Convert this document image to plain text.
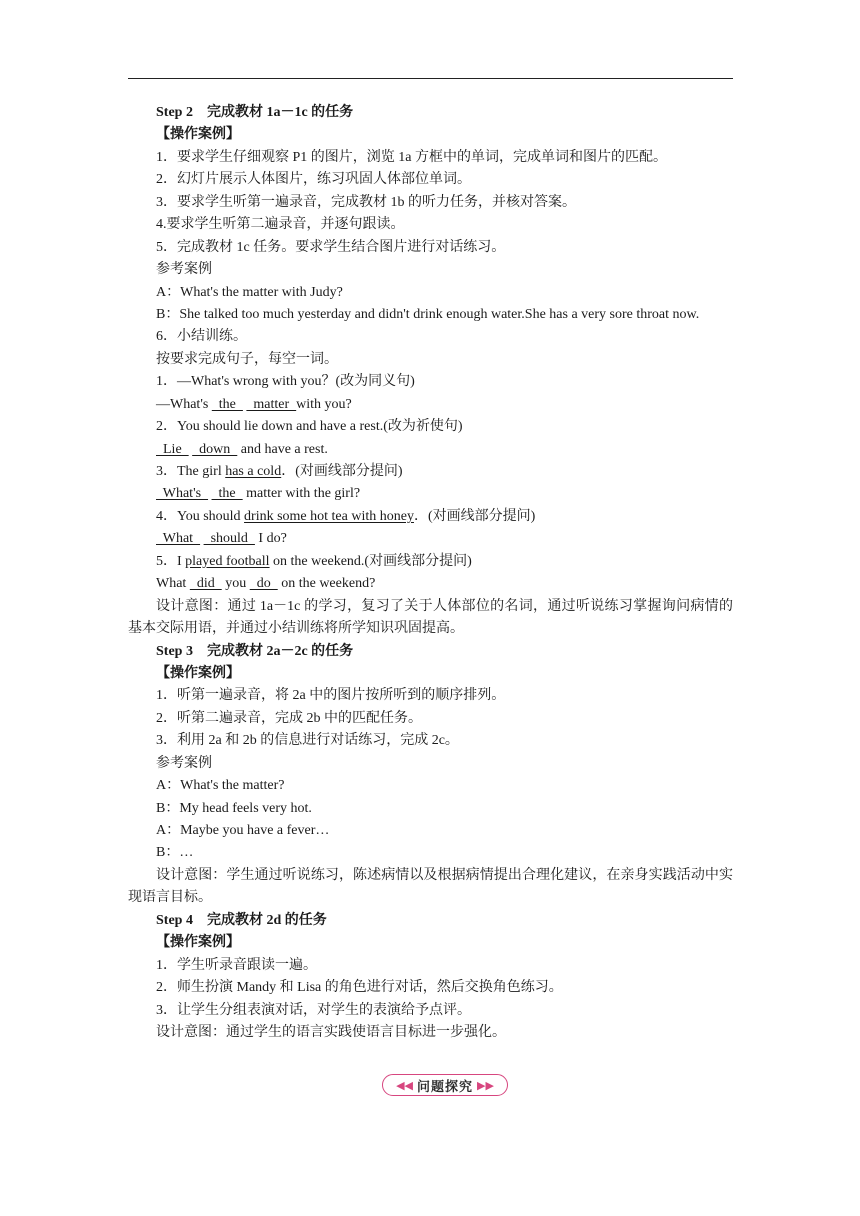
Step 2　完成教材 1a－1c 的任务
【操作案例】
1．要求学生仔细观察 P1 的图片，浏览 1a 方框中的单词，完成单词和图片的匹配。
2．幻灯片展示人体图片，练习巩固人体部位单词。
3．要求学生听第一遍录音，完成教材 1b 的听力任务，并核对答案。
4.要求学生听第二遍录音，并逐句跟读。
5．完成教材 1c 任务。要求学生结合图片进行对话练习。
参考案例
A：What's the matter with Judy?
B：She talked too much yesterday and didn't drink enough water.She has a very sore throat now.
6．小结训练。
按要求完成句子，每空一词。
1．—What's wrong with you？(改为同义句)
—What's   the     matter  with you?
2．You should lie down and have a rest.(改为祈使句)
Lie     down   and have a rest.
3．The girl has a cold．(对画线部分提问)
What's     the   matter with the girl?
4．You should drink some hot tea with honey．(对画线部分提问)
What     should   I do?
5．I played football on the weekend.(对画线部分提问)
What   did   you   do   on the weekend?
设计意图：通过 1a－1c 的学习，复习了关于人体部位的名词，通过听说练习掌握询问病情的基本交际用语，并通过小结训练将所学知识巩固提高。
Step 3　完成教材 2a－2c 的任务
【操作案例】
1．听第一遍录音，将 2a 中的图片按所听到的顺序排列。
2．听第二遍录音，完成 2b 中的匹配任务。
3．利用 2a 和 2b 的信息进行对话练习，完成 2c。
参考案例
A：What's the matter?
B：My head feels very hot.
A：Maybe you have a fever…
B：…
设计意图：学生通过听说练习，陈述病情以及根据病情提出合理化建议，在亲身实践活动中实现语言目标。
Step 4　完成教材 2d 的任务
【操作案例】
1．学生听录音跟读一遍。
2．师生扮演 Mandy 和 Lisa 的角色进行对话，然后交换角色练习。
3．让学生分组表演对话，对学生的表演给予点评。
设计意图：通过学生的语言实践使语言目标进一步强化。
◀◀ 问题探究 ▶▶
